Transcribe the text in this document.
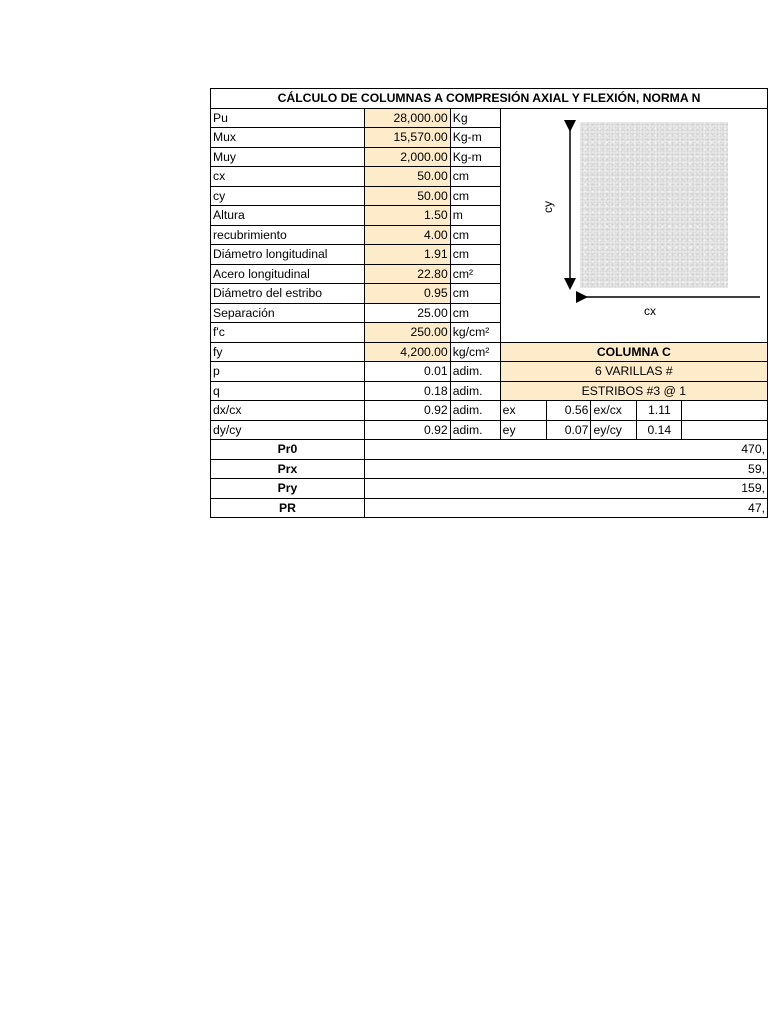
CÁLCULO DE COLUMNAS A COMPRESIÓN AXIAL Y FLEXIÓN, NORMA N							
Pu	28,000.00	Kg					
Mux	15,570.00	Kg-m					
Muy	2,000.00	Kg-m					
cx	50.00	cm					
cy	50.00	cm					
Altura	1.50	m					
recubrimiento	4.00	cm					
Diámetro longitudinal	1.91	cm					
Acero longitudinal	22.80	cm²					
Diámetro del estribo	0.95	cm					
Separación	25.00	cm					
f'c	250.00	kg/cm²					
fy	4,200.00	kg/cm²	COLUMNA C				
p	0.01	adim.	6 VARILLAS #				
q	0.18	adim.	ESTRIBOS #3 @ 1				
dx/cx	0.92	adim.	ex	0.56	ex/cx	1.11	
dy/cy	0.92	adim.	ey	0.07	ey/cy	0.14	
Pr0	470,						
Prx	59,						
Pry	159,						
PR	47,						
cy
cx
